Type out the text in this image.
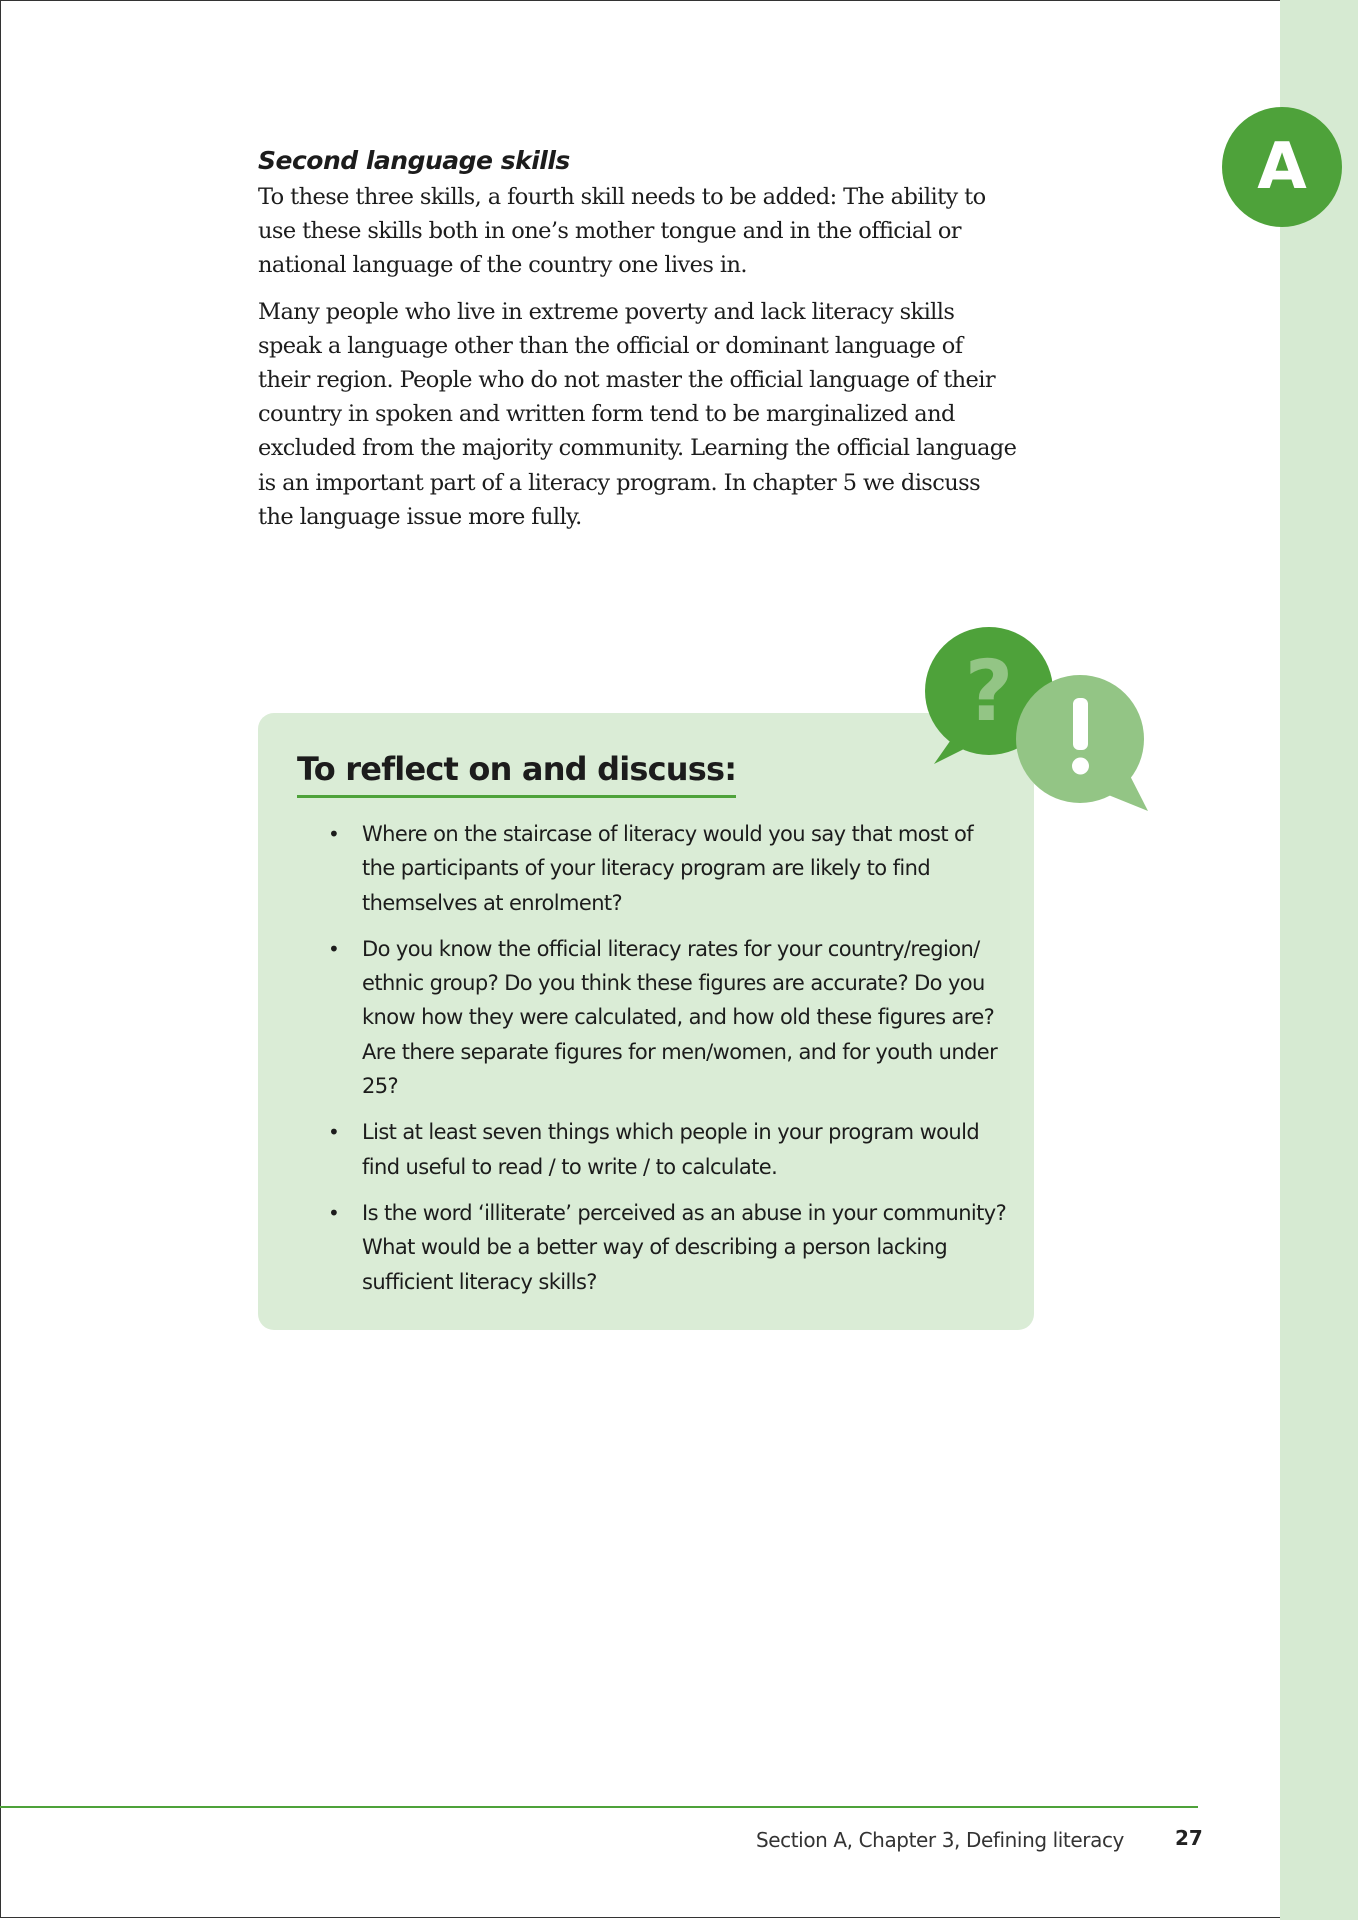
A
Second language skills

To these three skills, a fourth skill needs to be added: The ability to use these skills both in one’s mother tongue and in the official or national language of the country one lives in.

Many people who live in extreme poverty and lack literacy skills speak a language other than the official or dominant language of their region. People who do not master the official language of their country in spoken and written form tend to be marginalized and excluded from the majority community. Learning the official language is an important part of a literacy program. In chapter 5 we discuss the language issue more fully.

To reflect on and discuss:
• Where on the staircase of literacy would you say that most of the participants of your literacy program are likely to find themselves at enrolment?
• Do you know the official literacy rates for your country/region/ ethnic group? Do you think these figures are accurate? Do you know how they were calculated, and how old these figures are? Are there separate figures for men/women, and for youth under 25?
• List at least seven things which people in your program would find useful to read / to write / to calculate.
• Is the word ‘illiterate’ perceived as an abuse in your community? What would be a better way of describing a person lacking sufficient literacy skills?
?
Section A, Chapter 3, Defining literacy	27
